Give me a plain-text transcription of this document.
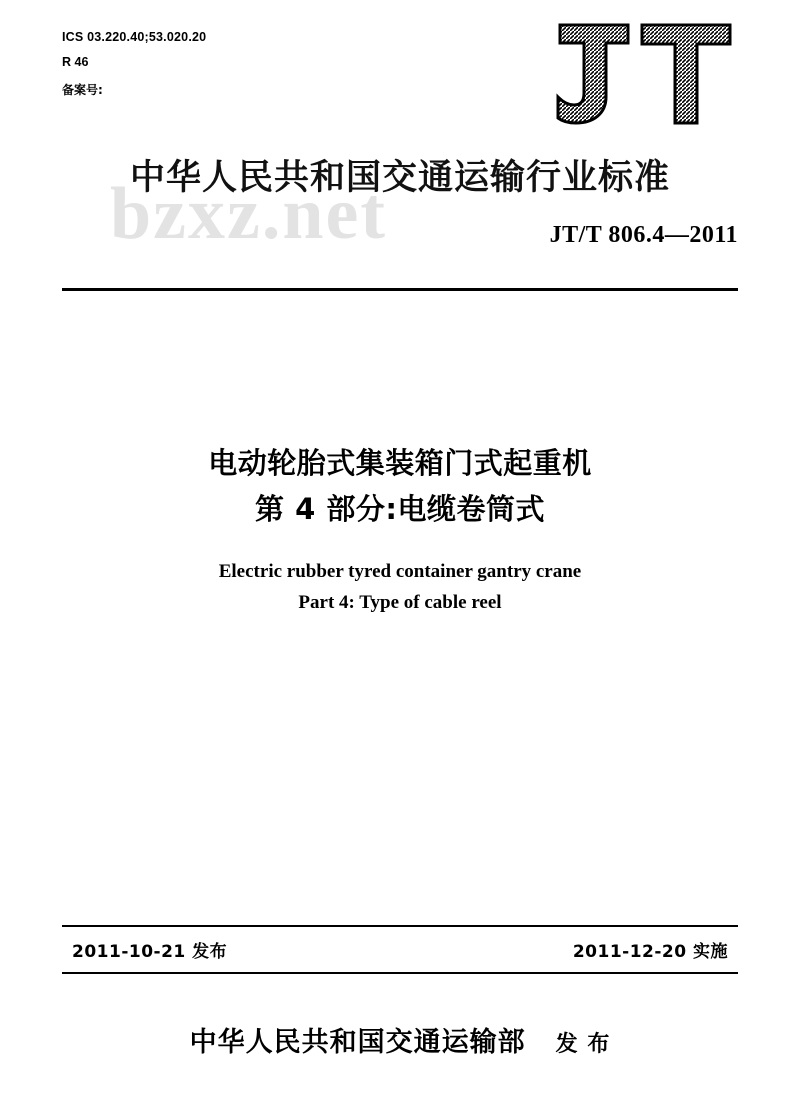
ICS 03.220.40;53.020.20
R 46
备案号:
中华人民共和国交通运输行业标准
bzxz.net	JT/T 806.4—2011
电动轮胎式集装箱门式起重机
第 4 部分:电缆卷筒式
Electric rubber tyred container gantry crane
Part 4: Type of cable reel
2011-10-21 发布	2011-12-20 实施
中华人民共和国交通运输部 发 布
